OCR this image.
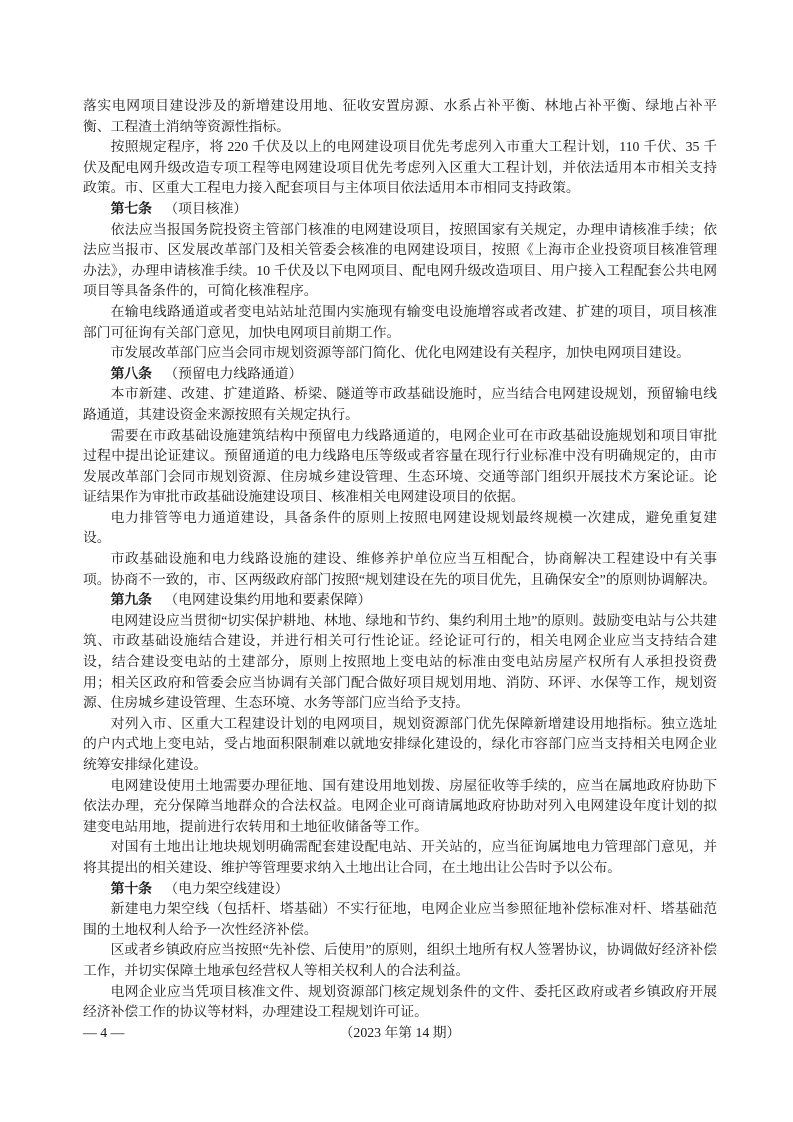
落实电网项目建设涉及的新增建设用地、征收安置房源、水系占补平衡、林地占补平衡、绿地占补平衡、工程渣土消纳等资源性指标。

按照规定程序，将 220 千伏及以上的电网建设项目优先考虑列入市重大工程计划，110 千伏、35 千伏及配电网升级改造专项工程等电网建设项目优先考虑列入区重大工程计划，并依法适用本市相关支持政策。市、区重大工程电力接入配套项目与主体项目依法适用本市相同支持政策。

第七条 （项目核准）

依法应当报国务院投资主管部门核准的电网建设项目，按照国家有关规定，办理申请核准手续；依法应当报市、区发展改革部门及相关管委会核准的电网建设项目，按照《上海市企业投资项目核准管理办法》，办理申请核准手续。10 千伏及以下电网项目、配电网升级改造项目、用户接入工程配套公共电网项目等具备条件的，可简化核准程序。

在输电线路通道或者变电站站址范围内实施现有输变电设施增容或者改建、扩建的项目，项目核准部门可征询有关部门意见，加快电网项目前期工作。

市发展改革部门应当会同市规划资源等部门简化、优化电网建设有关程序，加快电网项目建设。

第八条 （预留电力线路通道）

本市新建、改建、扩建道路、桥梁、隧道等市政基础设施时，应当结合电网建设规划，预留输电线路通道，其建设资金来源按照有关规定执行。

需要在市政基础设施建筑结构中预留电力线路通道的，电网企业可在市政基础设施规划和项目审批过程中提出论证建议。预留通道的电力线路电压等级或者容量在现行行业标准中没有明确规定的，由市发展改革部门会同市规划资源、住房城乡建设管理、生态环境、交通等部门组织开展技术方案论证。论证结果作为审批市政基础设施建设项目、核准相关电网建设项目的依据。

电力排管等电力通道建设，具备条件的原则上按照电网建设规划最终规模一次建成，避免重复建设。

市政基础设施和电力线路设施的建设、维修养护单位应当互相配合，协商解决工程建设中有关事项。协商不一致的，市、区两级政府部门按照“规划建设在先的项目优先，且确保安全”的原则协调解决。

第九条 （电网建设集约用地和要素保障）

电网建设应当贯彻“切实保护耕地、林地、绿地和节约、集约利用土地”的原则。鼓励变电站与公共建筑、市政基础设施结合建设，并进行相关可行性论证。经论证可行的，相关电网企业应当支持结合建设，结合建设变电站的土建部分，原则上按照地上变电站的标准由变电站房屋产权所有人承担投资费用；相关区政府和管委会应当协调有关部门配合做好项目规划用地、消防、环评、水保等工作，规划资源、住房城乡建设管理、生态环境、水务等部门应当给予支持。

对列入市、区重大工程建设计划的电网项目，规划资源部门优先保障新增建设用地指标。独立选址的户内式地上变电站，受占地面积限制难以就地安排绿化建设的，绿化市容部门应当支持相关电网企业统筹安排绿化建设。

电网建设使用土地需要办理征地、国有建设用地划拨、房屋征收等手续的，应当在属地政府协助下依法办理，充分保障当地群众的合法权益。电网企业可商请属地政府协助对列入电网建设年度计划的拟建变电站用地，提前进行农转用和土地征收储备等工作。

对国有土地出让地块规划明确需配套建设配电站、开关站的，应当征询属地电力管理部门意见，并将其提出的相关建设、维护等管理要求纳入土地出让合同，在土地出让公告时予以公布。

第十条 （电力架空线建设）

新建电力架空线（包括杆、塔基础）不实行征地，电网企业应当参照征地补偿标准对杆、塔基础范围的土地权利人给予一次性经济补偿。

区或者乡镇政府应当按照“先补偿、后使用”的原则，组织土地所有权人签署协议，协调做好经济补偿工作，并切实保障土地承包经营权人等相关权利人的合法利益。

电网企业应当凭项目核准文件、规划资源部门核定规划条件的文件、委托区政府或者乡镇政府开展经济补偿工作的协议等材料，办理建设工程规划许可证。

— 4 —	（2023 年第 14 期）
